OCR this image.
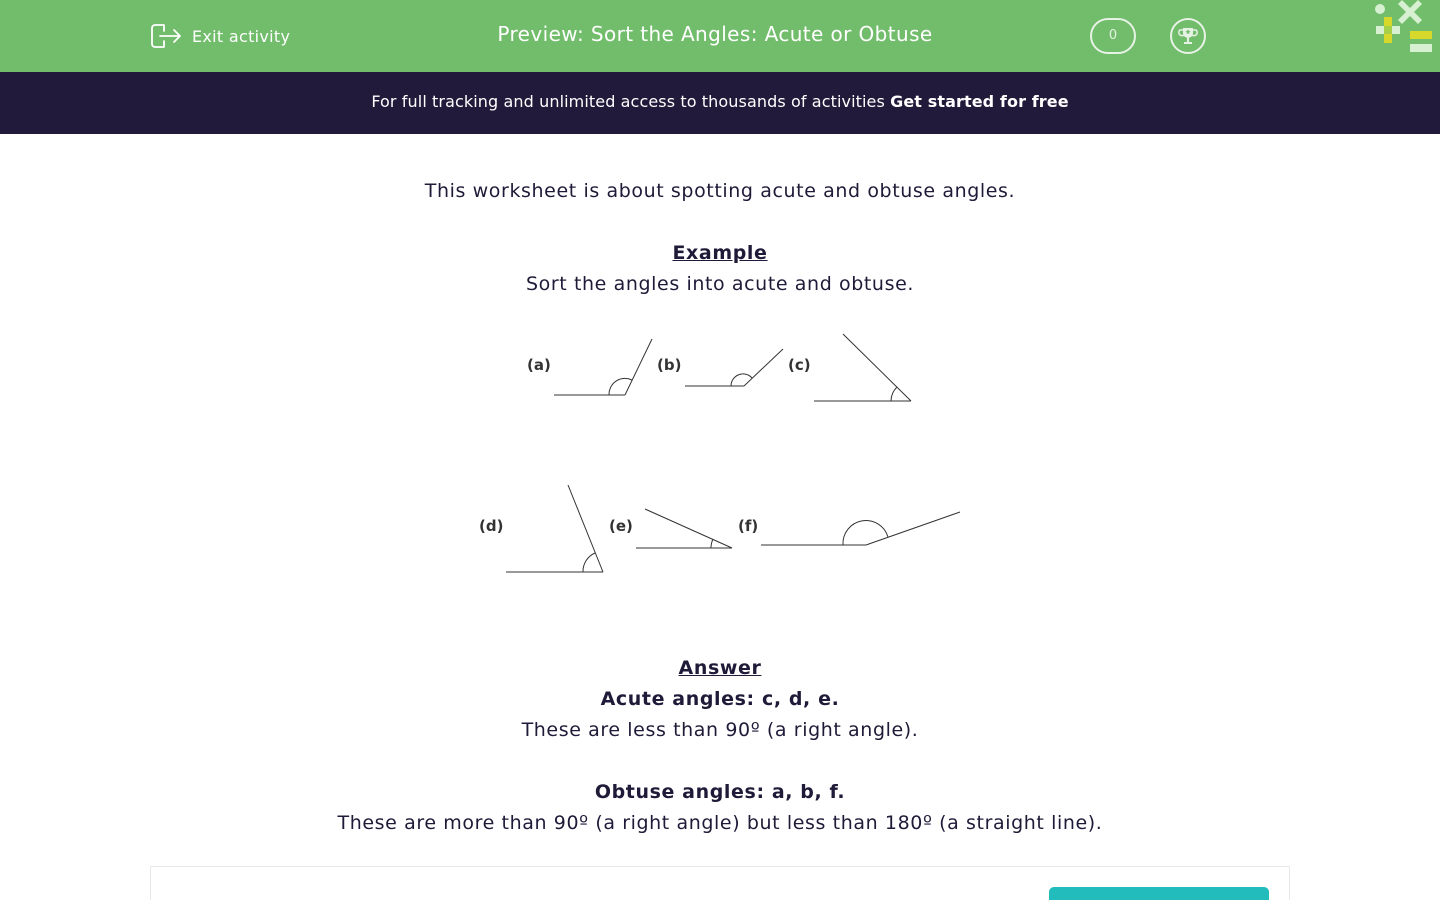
Exit activity	Preview: Sort the Angles: Acute or Obtuse	0
For full tracking and unlimited access to thousands of activities Get started for free
This worksheet is about spotting acute and obtuse angles.
Example
Sort the angles into acute and obtuse.
(a)	(b)	(c)
(d)	(e)	(f)
Answer
Acute angles: c, d, e.
These are less than 90º (a right angle).
Obtuse angles: a, b, f.
These are more than 90º (a right angle) but less than 180º (a straight line).
